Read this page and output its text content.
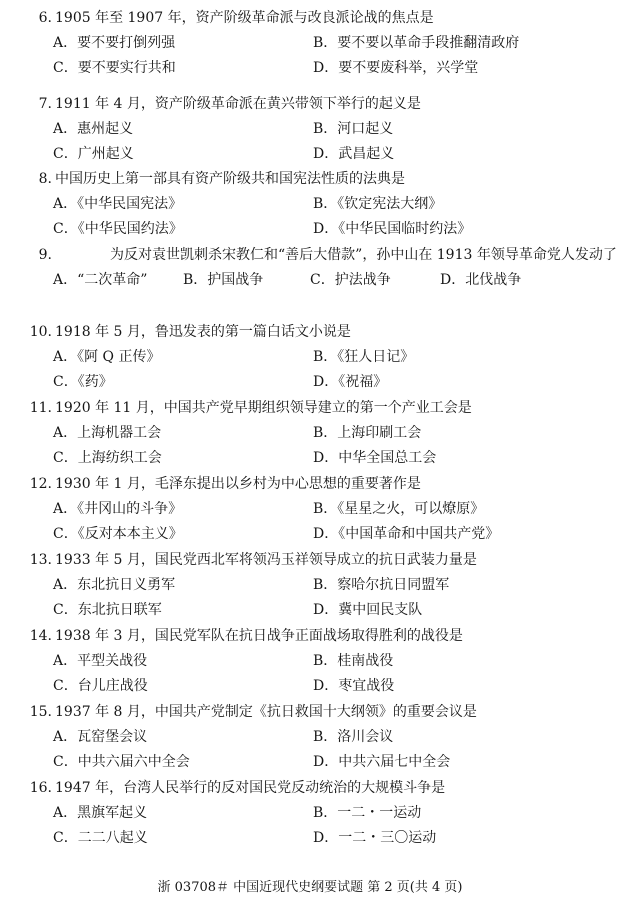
6. 1905 年至 1907 年，资产阶级革命派与改良派论战的焦点是
A．要不要打倒列强	B．要不要以革命手段推翻清政府
C．要不要实行共和	D．要不要废科举，兴学堂
7. 1911 年 4 月，资产阶级革命派在黄兴带领下举行的起义是
A．惠州起义	B．河口起义
C．广州起义	D．武昌起义
8. 中国历史上第一部具有资产阶级共和国宪法性质的法典是
A．《中华民国宪法》	B．《钦定宪法大纲》
C．《中华民国约法》	D．《中华民国临时约法》
9.	为反对袁世凯刺杀宋教仁和“善后大借款”，孙中山在 1913 年领导革命党人发动了
A．“二次革命”	B．护国战争	C．护法战争	D．北伐战争
10. 1918 年 5 月，鲁迅发表的第一篇白话文小说是
A．《阿 Q 正传》	B．《狂人日记》
C．《药》	D．《祝福》
11. 1920 年 11 月，中国共产党早期组织领导建立的第一个产业工会是
A．上海机器工会	B．上海印刷工会
C．上海纺织工会	D．中华全国总工会
12. 1930 年 1 月，毛泽东提出以乡村为中心思想的重要著作是
A．《井冈山的斗争》	B．《星星之火，可以燎原》
C．《反对本本主义》	D．《中国革命和中国共产党》
13. 1933 年 5 月，国民党西北军将领冯玉祥领导成立的抗日武装力量是
A．东北抗日义勇军	B．察哈尔抗日同盟军
C．东北抗日联军	D．冀中回民支队
14. 1938 年 3 月，国民党军队在抗日战争正面战场取得胜利的战役是
A．平型关战役	B．桂南战役
C．台儿庄战役	D．枣宜战役
15. 1937 年 8 月，中国共产党制定《抗日救国十大纲领》的重要会议是
A．瓦窑堡会议	B．洛川会议
C．中共六届六中全会	D．中共六届七中全会
16. 1947 年，台湾人民举行的反对国民党反动统治的大规模斗争是
A．黑旗军起义	B．一二・一运动
C．二二八起义	D．一二・三〇运动
浙 03708＃ 中国近现代史纲要试题 第 2 页(共 4 页)
